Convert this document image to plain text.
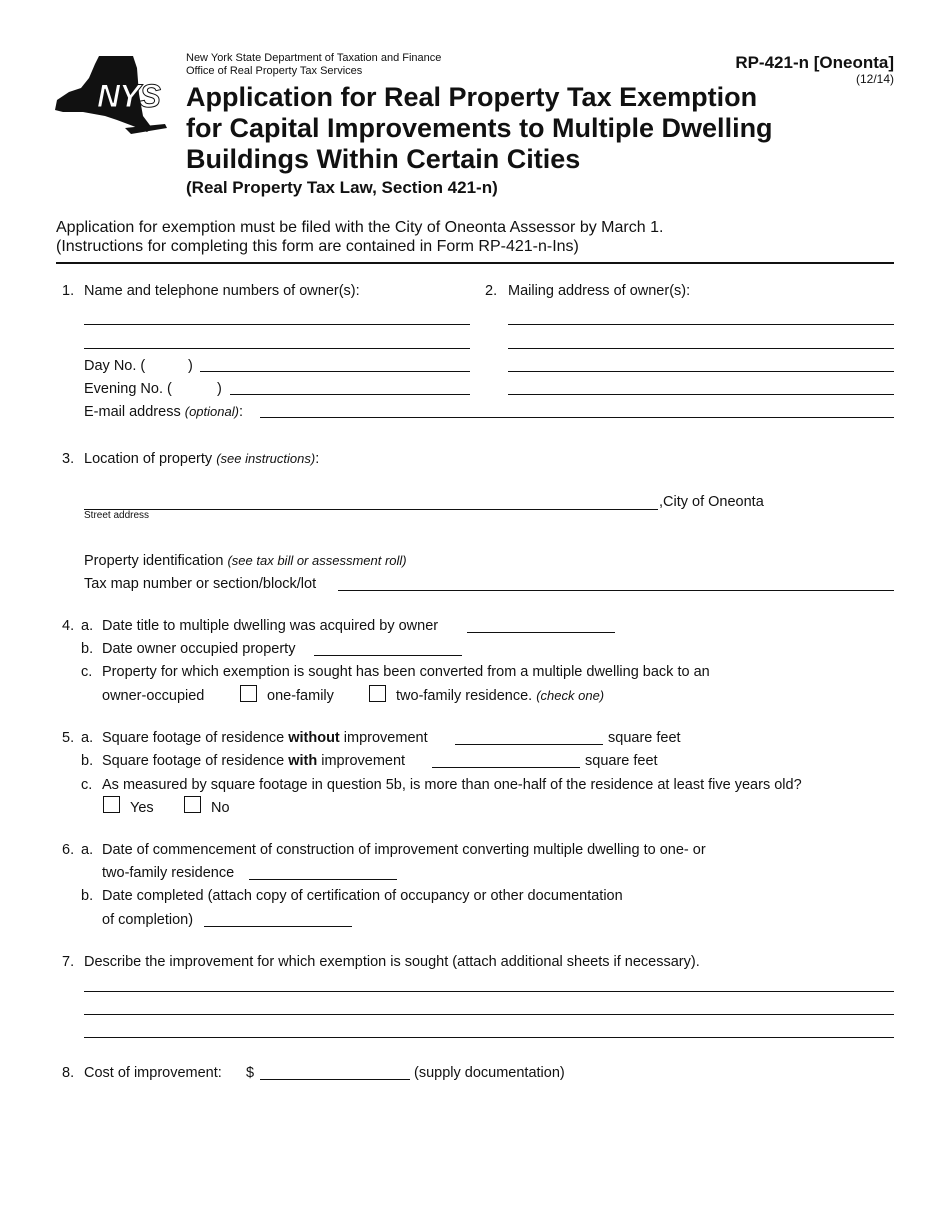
NYS
New York State Department of Taxation and Finance
Office of Real Property Tax Services	RP-421-n [Oneonta]
(12/14)
Application for Real Property Tax Exemption
for Capital Improvements to Multiple Dwelling
Buildings Within Certain Cities
(Real Property Tax Law, Section 421-n)
Application for exemption must be filed with the City of Oneonta Assessor by March 1.
(Instructions for completing this form are contained in Form RP-421-n-Ins)
1. Name and telephone numbers of owner(s):
Day No. (	)
Evening No. (	)
E-mail address (optional):
2. Mailing address of owner(s):
3. Location of property (see instructions):
,City of Oneonta
Street address
Property identification (see tax bill or assessment roll)
Tax map number or section/block/lot
4. a. Date title to multiple dwelling was acquired by owner
b. Date owner occupied property
c. Property for which exemption is sought has been converted from a multiple dwelling back to an
owner-occupied	one-family	two-family residence. (check one)
5. a. Square footage of residence without improvement	square feet
b. Square footage of residence with improvement	square feet
c. As measured by square footage in question 5b, is more than one-half of the residence at least five years old?
Yes	No
6. a. Date of commencement of construction of improvement converting multiple dwelling to one- or
two-family residence
b. Date completed (attach copy of certification of occupancy or other documentation
of completion)
7. Describe the improvement for which exemption is sought (attach additional sheets if necessary).
8. Cost of improvement: $	(supply documentation)
